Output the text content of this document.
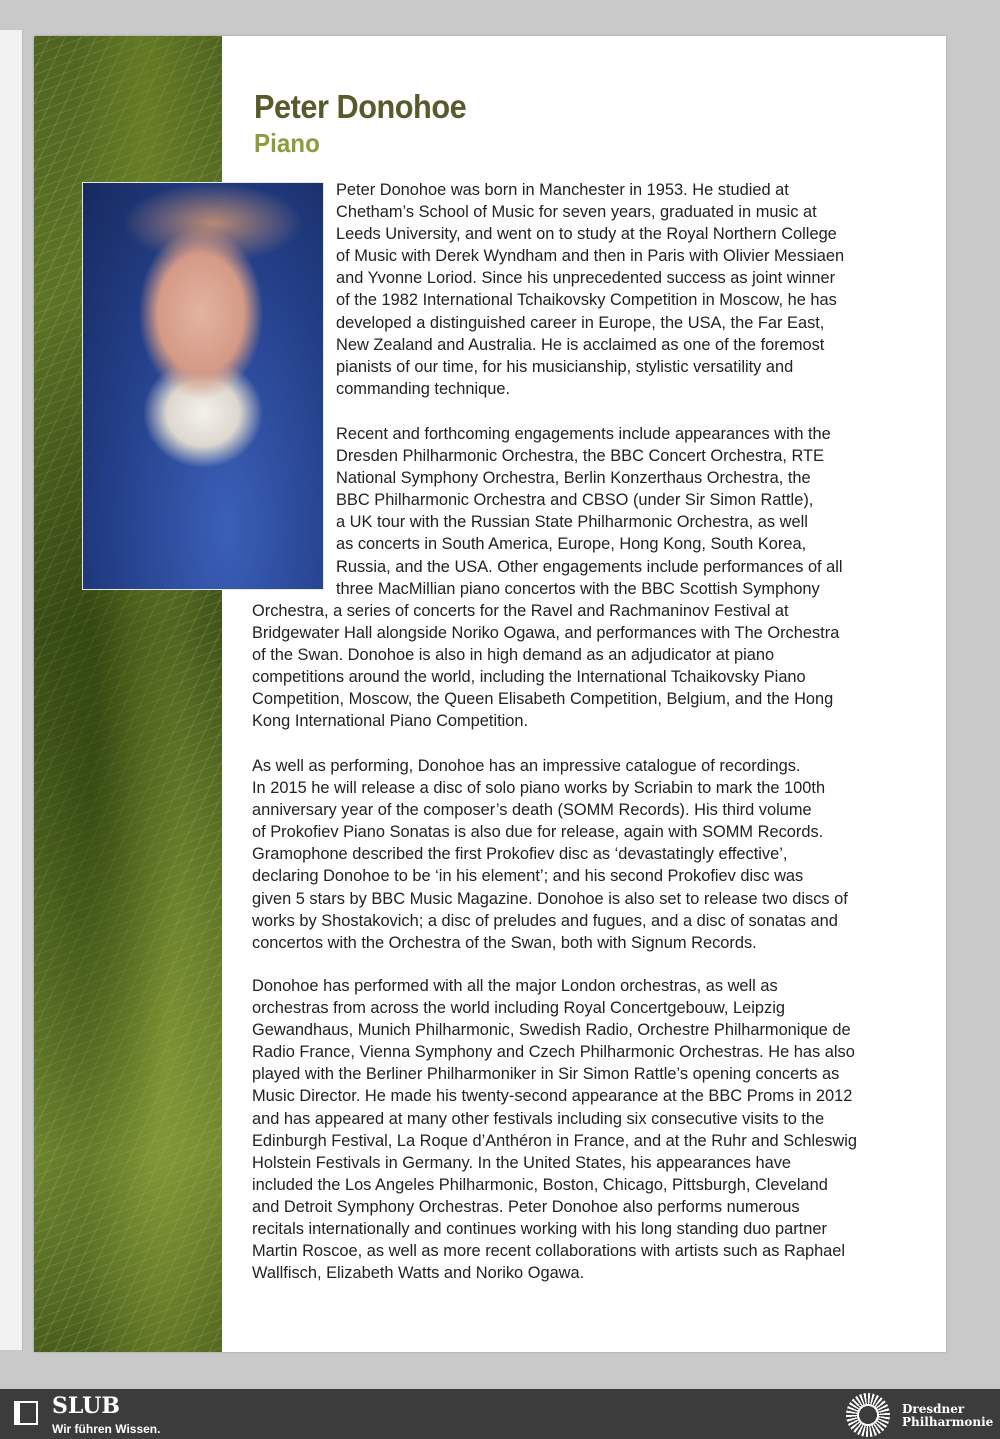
Peter Donohoe
Piano

Peter Donohoe was born in Manchester in 1953. He studied at
Chetham’s School of Music for seven years, graduated in music at
Leeds University, and went on to study at the Royal Northern College
of Music with Derek Wyndham and then in Paris with Olivier Messiaen
and Yvonne Loriod. Since his unprecedented success as joint winner
of the 1982 International Tchaikovsky Competition in Moscow, he has
developed a distinguished career in Europe, the USA, the Far East,
New Zealand and Australia. He is acclaimed as one of the foremost
pianists of our time, for his musicianship, stylistic versatility and
commanding technique.

Recent and forthcoming engagements include appearances with the
Dresden Philharmonic Orchestra, the BBC Concert Orchestra, RTE
National Symphony Orchestra, Berlin Konzerthaus Orchestra, the
BBC Philharmonic Orchestra and CBSO (under Sir Simon Rattle),
a UK tour with the Russian State Philharmonic Orchestra, as well
as concerts in South America, Europe, Hong Kong, South Korea,
Russia, and the USA. Other engagements include performances of all
three MacMillian piano concertos with the BBC Scottish Symphony
Orchestra, a series of concerts for the Ravel and Rachmaninov Festival at
Bridgewater Hall alongside Noriko Ogawa, and performances with The Orchestra
of the Swan. Donohoe is also in high demand as an adjudicator at piano
competitions around the world, including the International Tchaikovsky Piano
Competition, Moscow, the Queen Elisabeth Competition, Belgium, and the Hong
Kong International Piano Competition.

As well as performing, Donohoe has an impressive catalogue of recordings.
In 2015 he will release a disc of solo piano works by Scriabin to mark the 100th
anniversary year of the composer’s death (SOMM Records). His third volume
of Prokofiev Piano Sonatas is also due for release, again with SOMM Records.
Gramophone described the first Prokofiev disc as ‘devastatingly effective’,
declaring Donohoe to be ‘in his element’; and his second Prokofiev disc was
given 5 stars by BBC Music Magazine. Donohoe is also set to release two discs of
works by Shostakovich; a disc of preludes and fugues, and a disc of sonatas and
concertos with the Orchestra of the Swan, both with Signum Records.

Donohoe has performed with all the major London orchestras, as well as
orchestras from across the world including Royal Concertgebouw, Leipzig
Gewandhaus, Munich Philharmonic, Swedish Radio, Orchestre Philharmonique de
Radio France, Vienna Symphony and Czech Philharmonic Orchestras. He has also
played with the Berliner Philharmoniker in Sir Simon Rattle’s opening concerts as
Music Director. He made his twenty-second appearance at the BBC Proms in 2012
and has appeared at many other festivals including six consecutive visits to the
Edinburgh Festival, La Roque d’Anthéron in France, and at the Ruhr and Schleswig
Holstein Festivals in Germany. In the United States, his appearances have
included the Los Angeles Philharmonic, Boston, Chicago, Pittsburgh, Cleveland
and Detroit Symphony Orchestras. Peter Donohoe also performs numerous
recitals internationally and continues working with his long standing duo partner
Martin Roscoe, as well as more recent collaborations with artists such as Raphael
Wallfisch, Elizabeth Watts and Noriko Ogawa.

SLUB
Wir führen Wissen.
Dresdner
Philharmonie
